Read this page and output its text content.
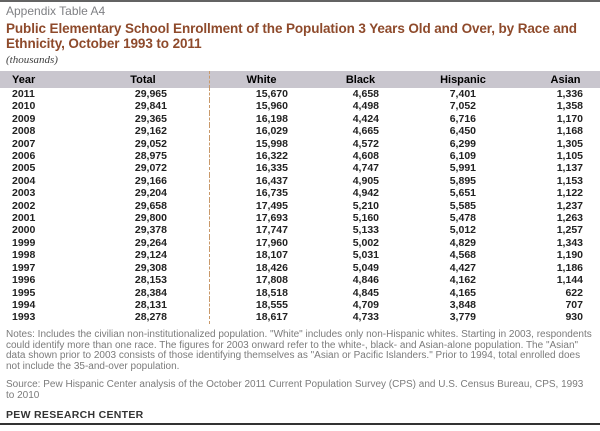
Appendix Table A4
Public Elementary School Enrollment of the Population 3 Years Old and Over, by Race and Ethnicity, October 1993 to 2011
(thousands)
Year	Total	White	Black	Hispanic	Asian
2011	29,965	15,670	4,658	7,401	1,336
2010	29,841	15,960	4,498	7,052	1,358
2009	29,365	16,198	4,424	6,716	1,170
2008	29,162	16,029	4,665	6,450	1,168
2007	29,052	15,998	4,572	6,299	1,305
2006	28,975	16,322	4,608	6,109	1,105
2005	29,072	16,335	4,747	5,991	1,137
2004	29,166	16,437	4,905	5,895	1,153
2003	29,204	16,735	4,942	5,651	1,122
2002	29,658	17,495	5,210	5,585	1,237
2001	29,800	17,693	5,160	5,478	1,263
2000	29,378	17,747	5,133	5,012	1,257
1999	29,264	17,960	5,002	4,829	1,343
1998	29,124	18,107	5,031	4,568	1,190
1997	29,308	18,426	5,049	4,427	1,186
1996	28,153	17,808	4,846	4,162	1,144
1995	28,384	18,518	4,845	4,165	622
1994	28,131	18,555	4,709	3,848	707
1993	28,278	18,617	4,733	3,779	930
Notes: Includes the civilian non-institutionalized population. "White" includes only non-Hispanic whites. Starting in 2003, respondents could identify more than one race. The figures for 2003 onward refer to the white-, black- and Asian-alone population. The "Asian" data shown prior to 2003 consists of those identifying themselves as "Asian or Pacific Islanders." Prior to 1994, total enrolled does not include the 35-and-over population.
Source: Pew Hispanic Center analysis of the October 2011 Current Population Survey (CPS) and U.S. Census Bureau, CPS, 1993 to 2010
PEW RESEARCH CENTER
